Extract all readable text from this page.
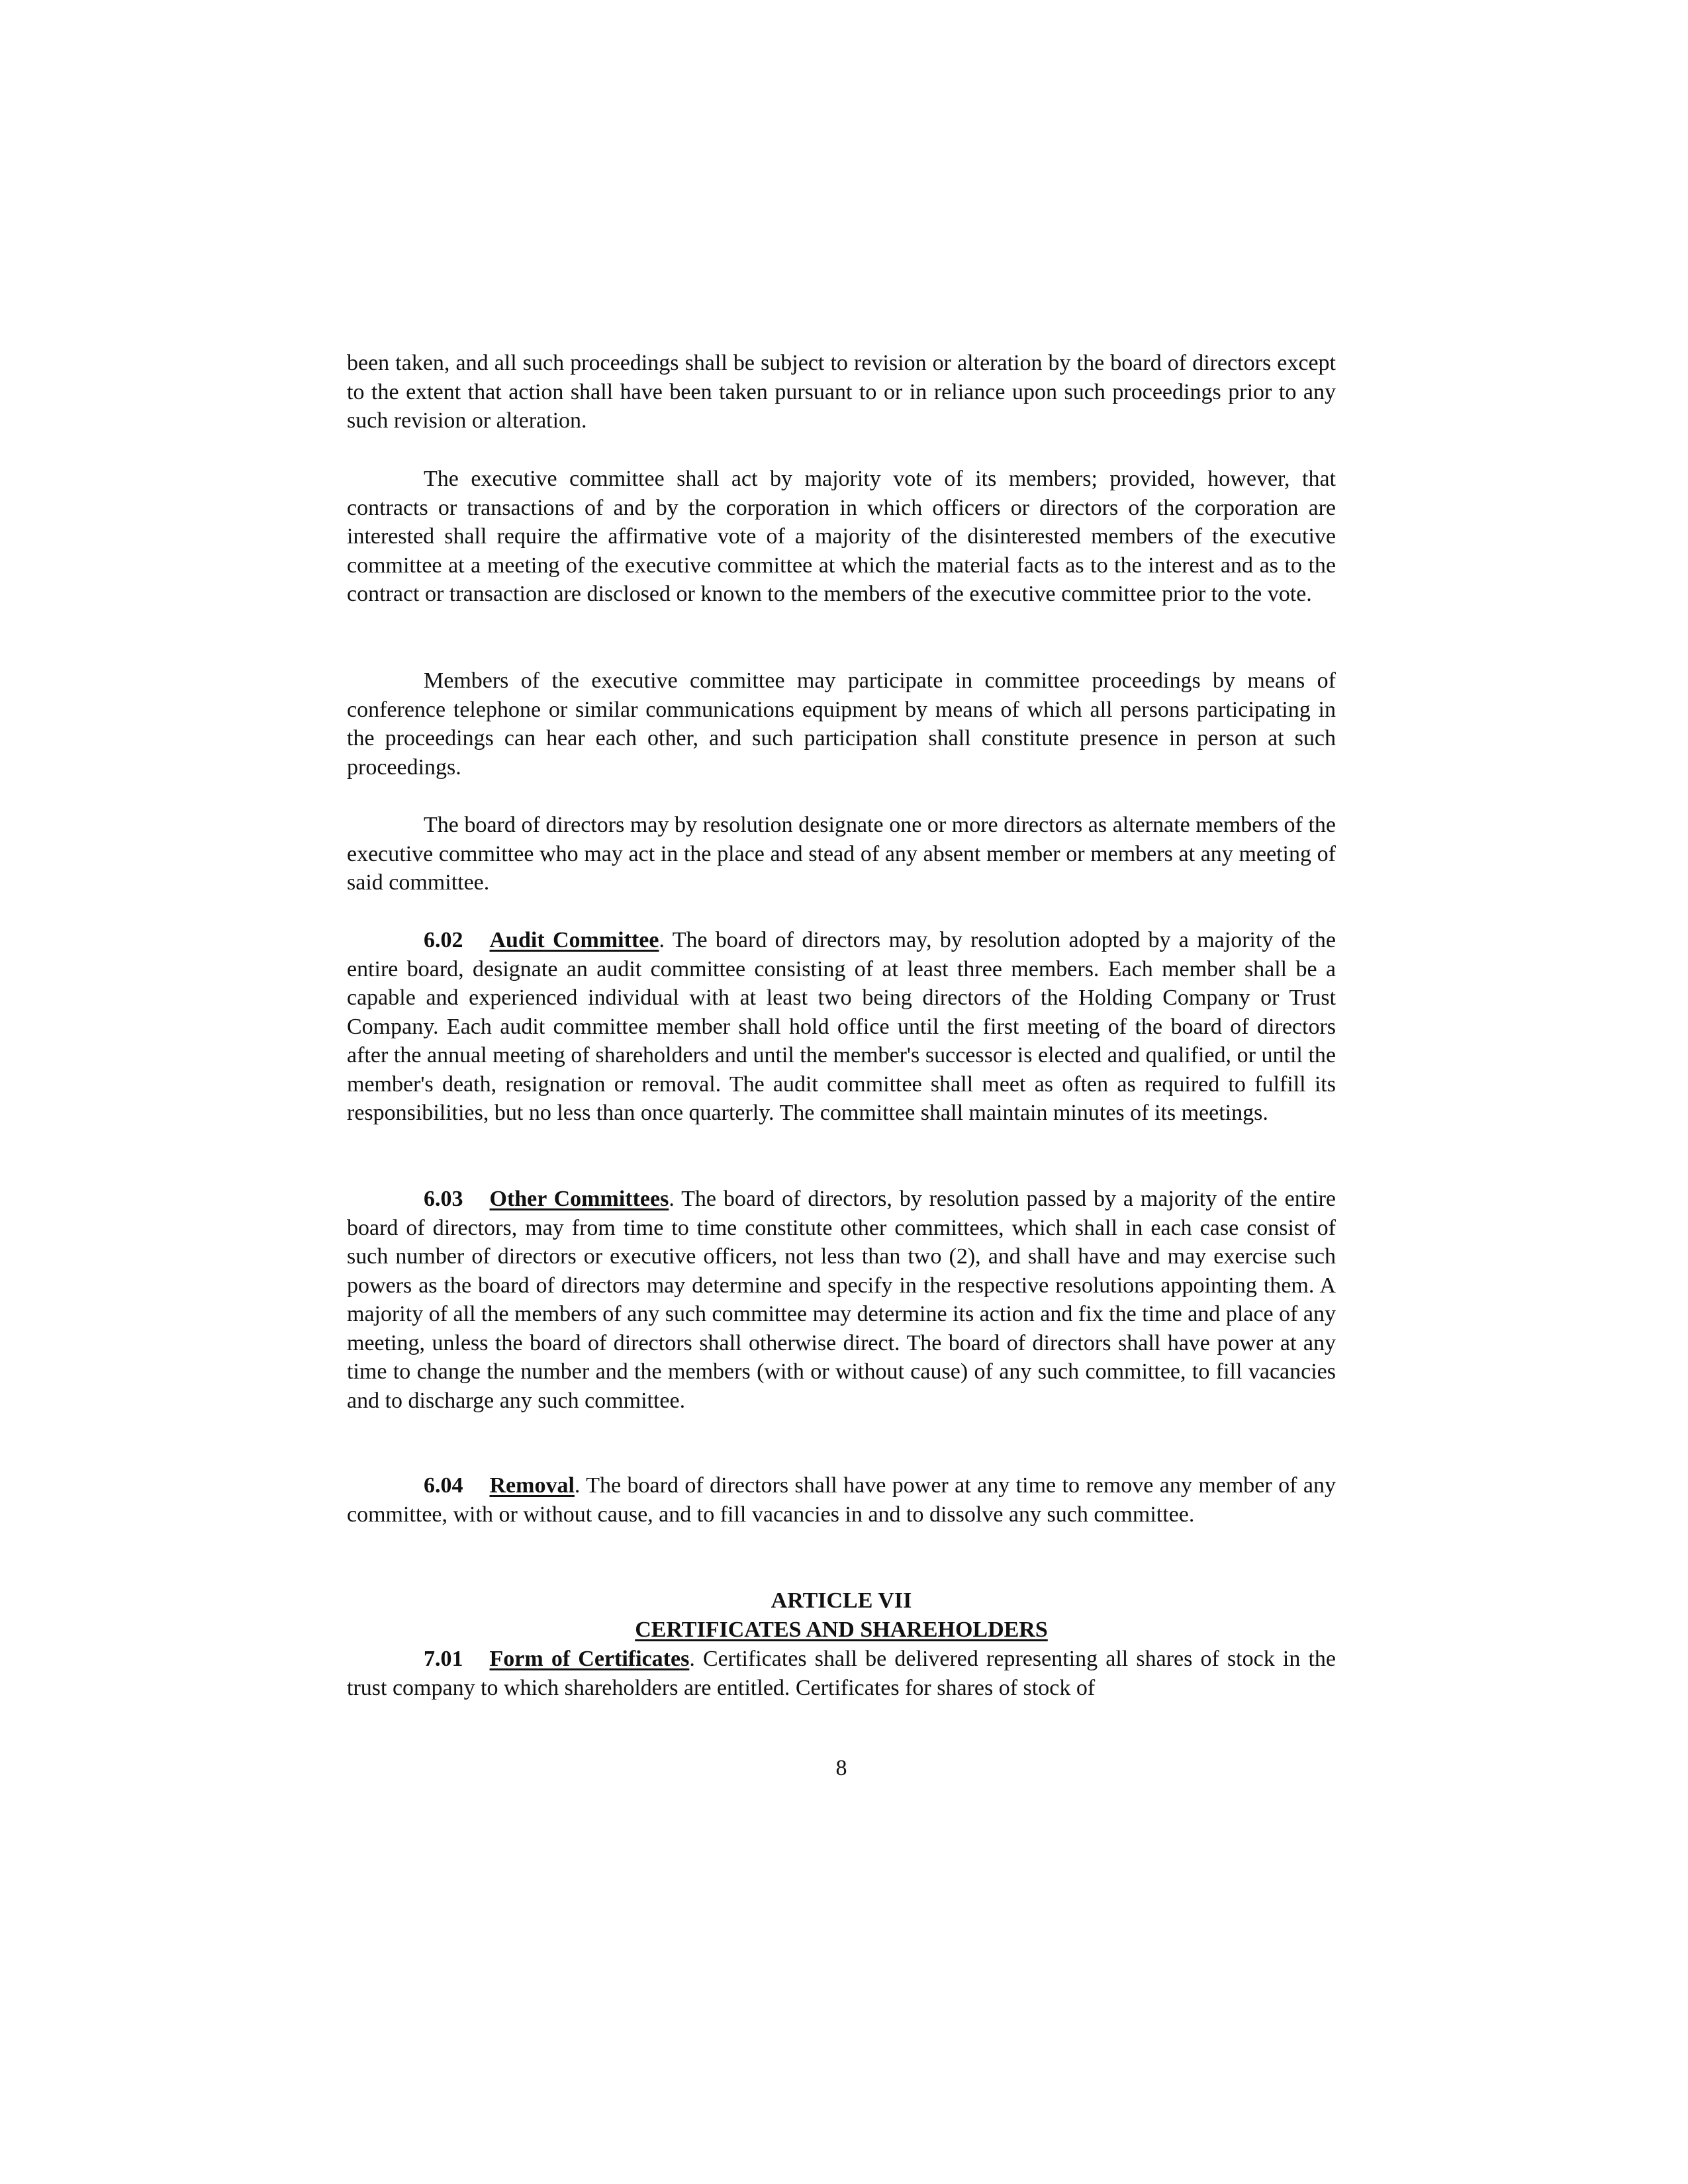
been taken, and all such proceedings shall be subject to revision or alteration by the board of directors except to the extent that action shall have been taken pursuant to or in reliance upon such proceedings prior to any such revision or alteration.

The executive committee shall act by majority vote of its members; provided, however, that contracts or transactions of and by the corporation in which officers or directors of the corporation are interested shall require the affirmative vote of a majority of the disinterested members of the executive committee at a meeting of the executive committee at which the material facts as to the interest and as to the contract or transaction are disclosed or known to the members of the executive committee prior to the vote.

Members of the executive committee may participate in committee proceedings by means of conference telephone or similar communications equipment by means of which all persons participating in the proceedings can hear each other, and such participation shall constitute presence in person at such proceedings.

The board of directors may by resolution designate one or more directors as alternate members of the executive committee who may act in the place and stead of any absent member or members at any meeting of said committee.

6.02 Audit Committee. The board of directors may, by resolution adopted by a majority of the entire board, designate an audit committee consisting of at least three members. Each member shall be a capable and experienced individual with at least two being directors of the Holding Company or Trust Company. Each audit committee member shall hold office until the first meeting of the board of directors after the annual meeting of shareholders and until the member's successor is elected and qualified, or until the member's death, resignation or removal. The audit committee shall meet as often as required to fulfill its responsibilities, but no less than once quarterly. The committee shall maintain minutes of its meetings.

6.03 Other Committees. The board of directors, by resolution passed by a majority of the entire board of directors, may from time to time constitute other committees, which shall in each case consist of such number of directors or executive officers, not less than two (2), and shall have and may exercise such powers as the board of directors may determine and specify in the respective resolutions appointing them. A majority of all the members of any such committee may determine its action and fix the time and place of any meeting, unless the board of directors shall otherwise direct. The board of directors shall have power at any time to change the number and the members (with or without cause) of any such committee, to fill vacancies and to discharge any such committee.

6.04 Removal. The board of directors shall have power at any time to remove any member of any committee, with or without cause, and to fill vacancies in and to dissolve any such committee.

ARTICLE VII
CERTIFICATES AND SHAREHOLDERS

7.01 Form of Certificates. Certificates shall be delivered representing all shares of stock in the trust company to which shareholders are entitled. Certificates for shares of stock of

8
